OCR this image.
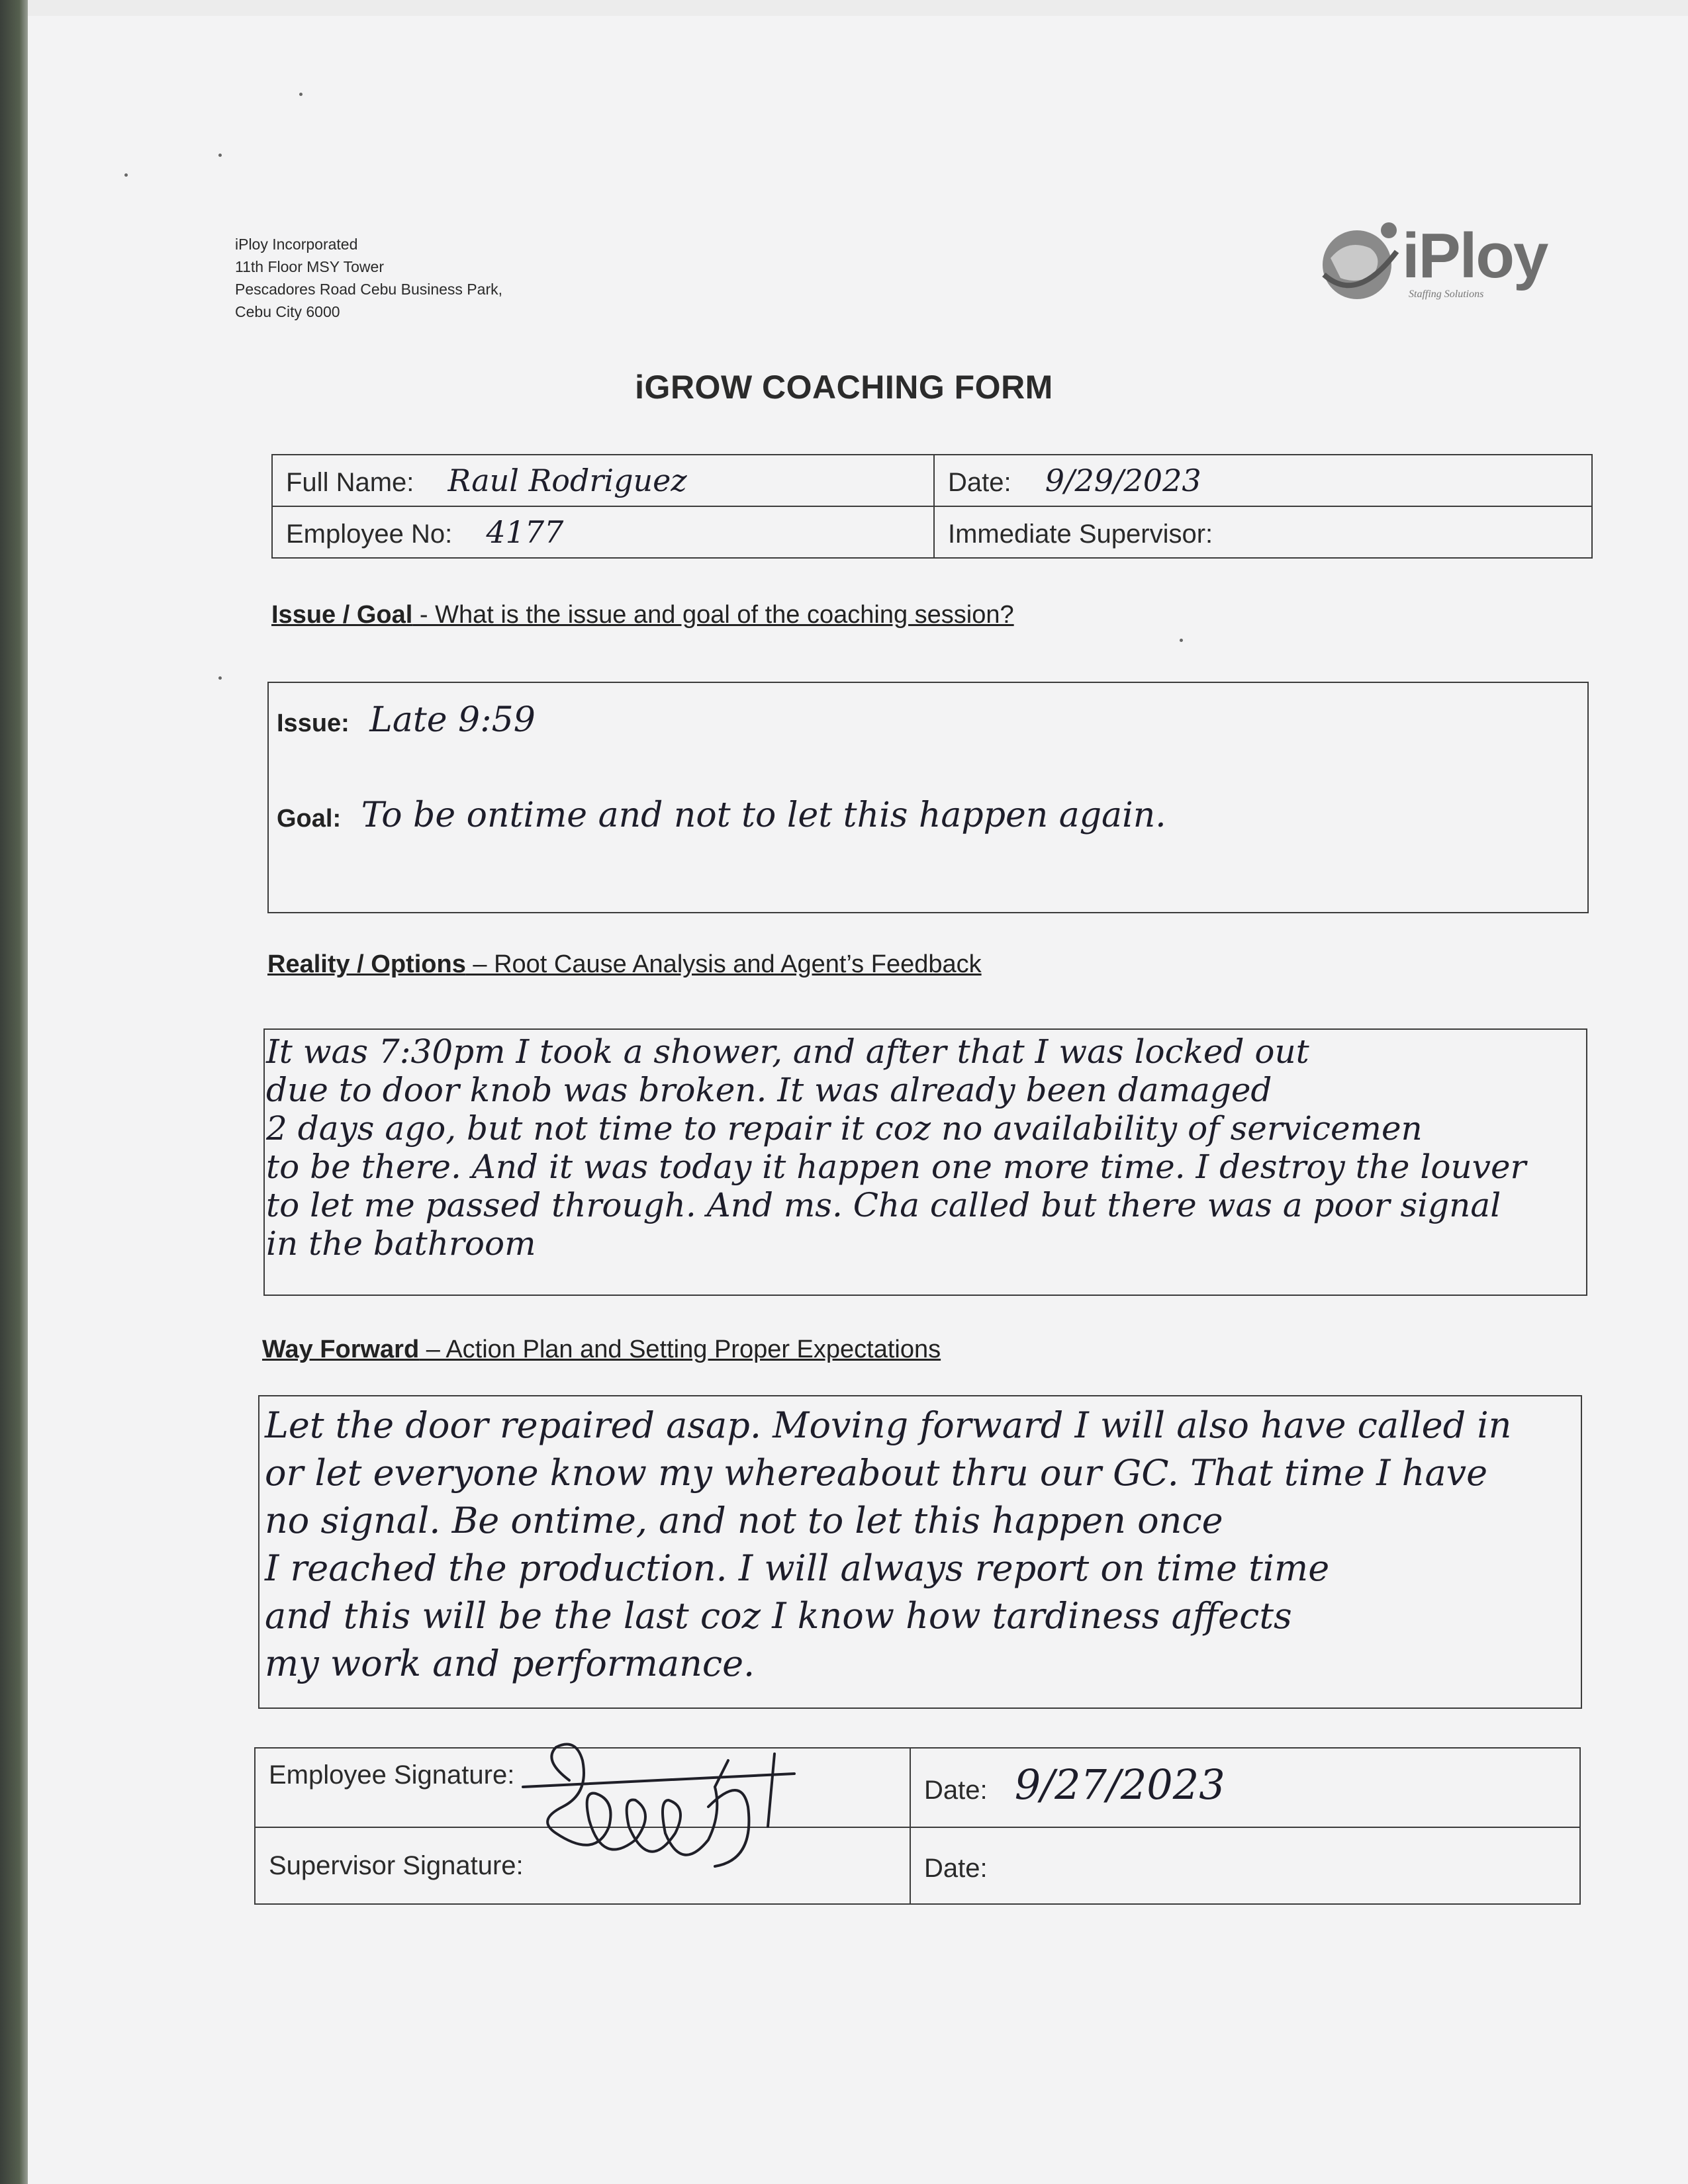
iPloy Incorporated
11th Floor MSY Tower
Pescadores Road Cebu Business Park,
Cebu City 6000
iPloy
Staffing Solutions
iGROW COACHING FORM
Full Name: Raul Rodriguez	Date: 9/29/2023
Employee No: 4177	Immediate Supervisor:
Issue / Goal - What is the issue and goal of the coaching session?
Issue: Late 9:59
Goal: To be ontime and not to let this happen again.
Reality / Options – Root Cause Analysis and Agent’s Feedback
It was 7:30pm I took a shower, and after that I was locked out
due to door knob was broken. It was already been damaged
2 days ago, but not time to repair it coz no availability of servicemen
to be there. And it was today it happen one more time. I destroy the louver
to let me passed through. And ms. Cha called but there was a poor signal
in the bathroom
Way Forward – Action Plan and Setting Proper Expectations
Let the door repaired asap. Moving forward I will also have called in
or let everyone know my whereabout thru our GC. That time I have
no signal. Be ontime, and not to let this happen once
I reached the production. I will always report on time time
and this will be the last coz I know how tardiness affects
my work and performance.
Employee Signature:	Date: 9/27/2023
Supervisor Signature:	Date:
